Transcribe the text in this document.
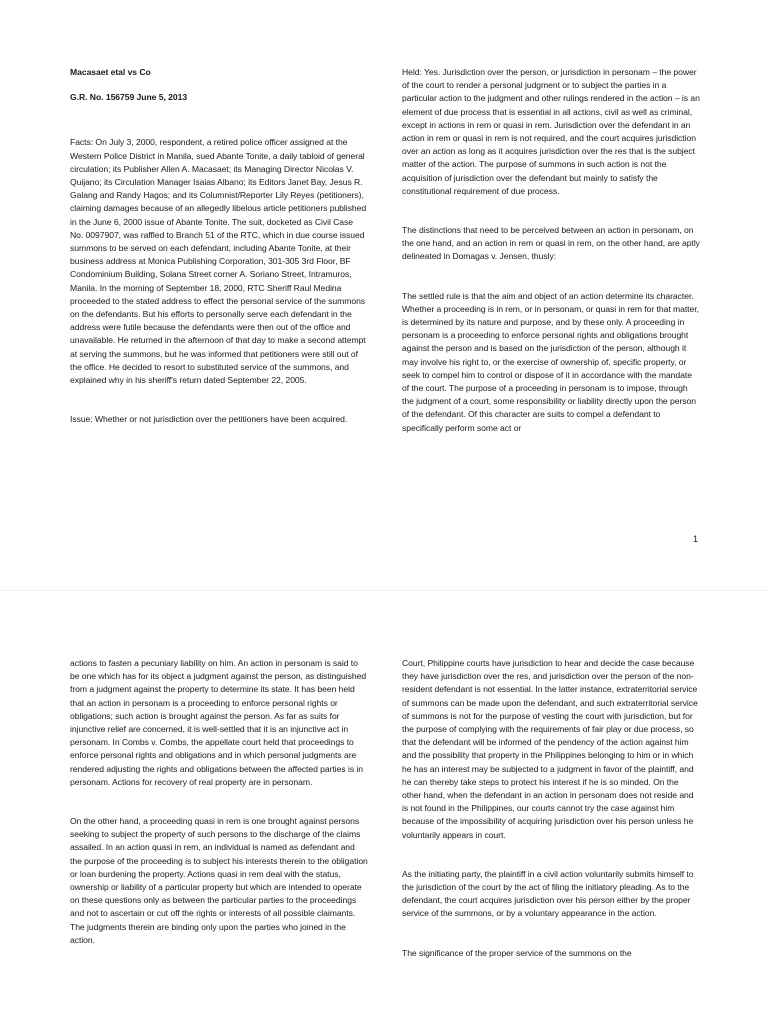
Macasaet etal vs Co

G.R. No. 156759 June 5, 2013

Facts: On July 3, 2000, respondent, a retired police officer assigned at the Western Police District in Manila, sued Abante Tonite, a daily tabloid of general circulation; its Publisher Allen A. Macasaet; its Managing Director Nicolas V. Quijano; its Circulation Manager Isaias Albano; its Editors Janet Bay, Jesus R. Galang and Randy Hagos; and its Columnist/Reporter Lily Reyes (petitioners), claiming damages because of an allegedly libelous article petitioners published in the June 6, 2000 issue of Abante Tonite. The suit, docketed as Civil Case No. 0097907, was raffled to Branch 51 of the RTC, which in due course issued summons to be served on each defendant, including Abante Tonite, at their business address at Monica Publishing Corporation, 301-305 3rd Floor, BF Condominium Building, Solana Street corner A. Soriano Street, Intramuros, Manila. In the morning of September 18, 2000, RTC Sheriff Raul Medina proceeded to the stated address to effect the personal service of the summons on the defendants. But his efforts to personally serve each defendant in the address were futile because the defendants were then out of the office and unavailable. He returned in the afternoon of that day to make a second attempt at serving the summons, but he was informed that petitioners were still out of the office. He decided to resort to substituted service of the summons, and explained why in his sheriff's return dated September 22, 2005.

Issue: Whether or not jurisdiction over the petitioners have been acquired.

Held: Yes. Jurisdiction over the person, or jurisdiction in personam – the power of the court to render a personal judgment or to subject the parties in a particular action to the judgment and other rulings rendered in the action – is an element of due process that is essential in all actions, civil as well as criminal, except in actions in rem or quasi in rem. Jurisdiction over the defendant in an action in rem or quasi in rem is not required, and the court acquires jurisdiction over an action as long as it acquires jurisdiction over the res that is the subject matter of the action. The purpose of summons in such action is not the acquisition of jurisdiction over the defendant but mainly to satisfy the constitutional requirement of due process.

The distinctions that need to be perceived between an action in personam, on the one hand, and an action in rem or quasi in rem, on the other hand, are aptly delineated in Domagas v. Jensen, thusly:

The settled rule is that the aim and object of an action determine its character. Whether a proceeding is in rem, or in personam, or quasi in rem for that matter, is determined by its nature and purpose, and by these only. A proceeding in personam is a proceeding to enforce personal rights and obligations brought against the person and is based on the jurisdiction of the person, although it may involve his right to, or the exercise of ownership of, specific property, or seek to compel him to control or dispose of it in accordance with the mandate of the court. The purpose of a proceeding in personam is to impose, through the judgment of a court, some responsibility or liability directly upon the person of the defendant. Of this character are suits to compel a defendant to specifically perform some act or

1

actions to fasten a pecuniary liability on him. An action in personam is said to be one which has for its object a judgment against the person, as distinguished from a judgment against the property to determine its state. It has been held that an action in personam is a proceeding to enforce personal rights or obligations; such action is brought against the person. As far as suits for injunctive relief are concerned, it is well-settled that it is an injunctive act in personam. In Combs v. Combs, the appellate court held that proceedings to enforce personal rights and obligations and in which personal judgments are rendered adjusting the rights and obligations between the affected parties is in personam. Actions for recovery of real property are in personam.

On the other hand, a proceeding quasi in rem is one brought against persons seeking to subject the property of such persons to the discharge of the claims assailed. In an action quasi in rem, an individual is named as defendant and the purpose of the proceeding is to subject his interests therein to the obligation or loan burdening the property. Actions quasi in rem deal with the status, ownership or liability of a particular property but which are intended to operate on these questions only as between the particular parties to the proceedings and not to ascertain or cut off the rights or interests of all possible claimants. The judgments therein are binding only upon the parties who joined in the action.

Court, Philippine courts have jurisdiction to hear and decide the case because they have jurisdiction over the res, and jurisdiction over the person of the non-resident defendant is not essential. In the latter instance, extraterritorial service of summons can be made upon the defendant, and such extraterritorial service of summons is not for the purpose of vesting the court with jurisdiction, but for the purpose of complying with the requirements of fair play or due process, so that the defendant will be informed of the pendency of the action against him and the possibility that property in the Philippines belonging to him or in which he has an interest may be subjected to a judgment in favor of the plaintiff, and he can thereby take steps to protect his interest if he is so minded. On the other hand, when the defendant in an action in personam does not reside and is not found in the Philippines, our courts cannot try the case against him because of the impossibility of acquiring jurisdiction over his person unless he voluntarily appears in court.

As the initiating party, the plaintiff in a civil action voluntarily submits himself to the jurisdiction of the court by the act of filing the initiatory pleading. As to the defendant, the court acquires jurisdiction over his person either by the proper service of the summons, or by a voluntary appearance in the action.

The significance of the proper service of the summons on the
